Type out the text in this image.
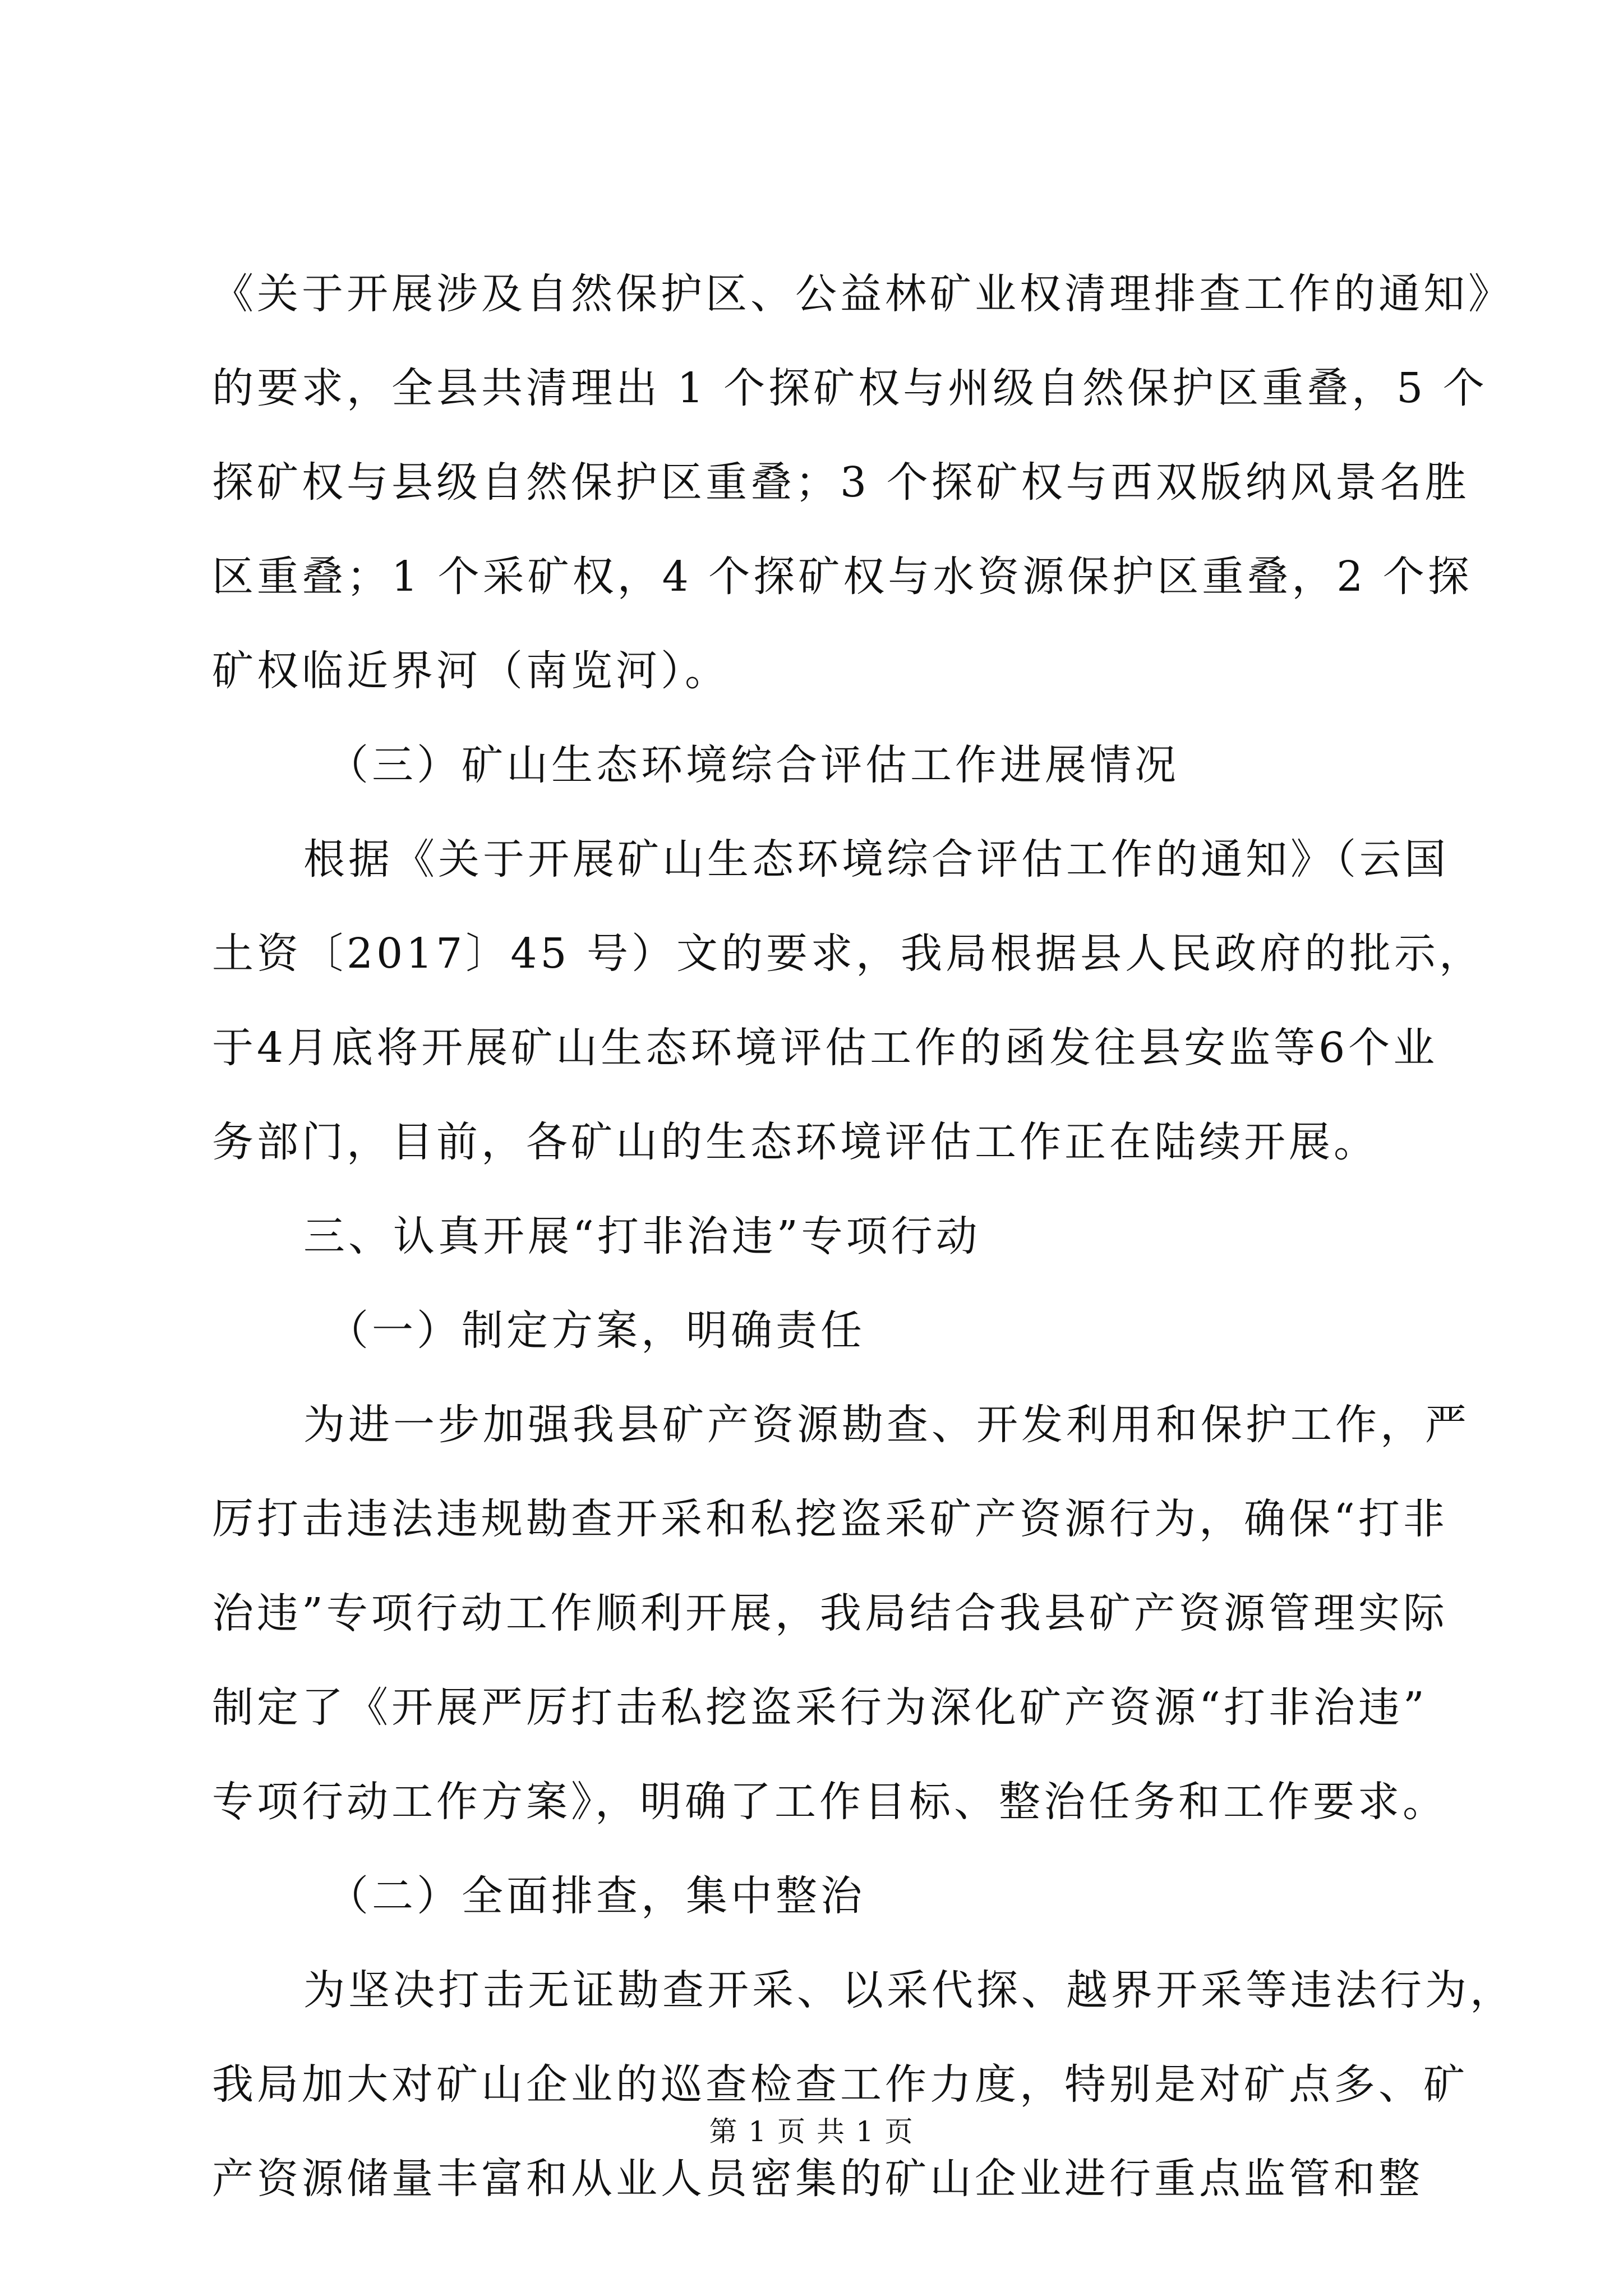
《关于开展涉及自然保护区、公益林矿业权清理排查工作的通知》
的要求，全县共清理出 1 个探矿权与州级自然保护区重叠，5 个
探矿权与县级自然保护区重叠；3 个探矿权与西双版纳风景名胜
区重叠；1 个采矿权，4 个探矿权与水资源保护区重叠，2 个探
矿权临近界河（南览河）。
（三）矿山生态环境综合评估工作进展情况
根据《关于开展矿山生态环境综合评估工作的通知》（云国
土资〔2017〕45 号）文的要求，我局根据县人民政府的批示，
于4月底将开展矿山生态环境评估工作的函发往县安监等6个业
务部门，目前，各矿山的生态环境评估工作正在陆续开展。
三、认真开展“打非治违”专项行动
（一）制定方案，明确责任
为进一步加强我县矿产资源勘查、开发利用和保护工作，严
厉打击违法违规勘查开采和私挖盗采矿产资源行为，确保“打非
治违”专项行动工作顺利开展，我局结合我县矿产资源管理实际
制定了《开展严厉打击私挖盗采行为深化矿产资源“打非治违”
专项行动工作方案》，明确了工作目标、整治任务和工作要求。
（二）全面排查，集中整治
为坚决打击无证勘查开采、以采代探、越界开采等违法行为，
我局加大对矿山企业的巡查检查工作力度，特别是对矿点多、矿
产资源储量丰富和从业人员密集的矿山企业进行重点监管和整
第 1 页 共 1 页
